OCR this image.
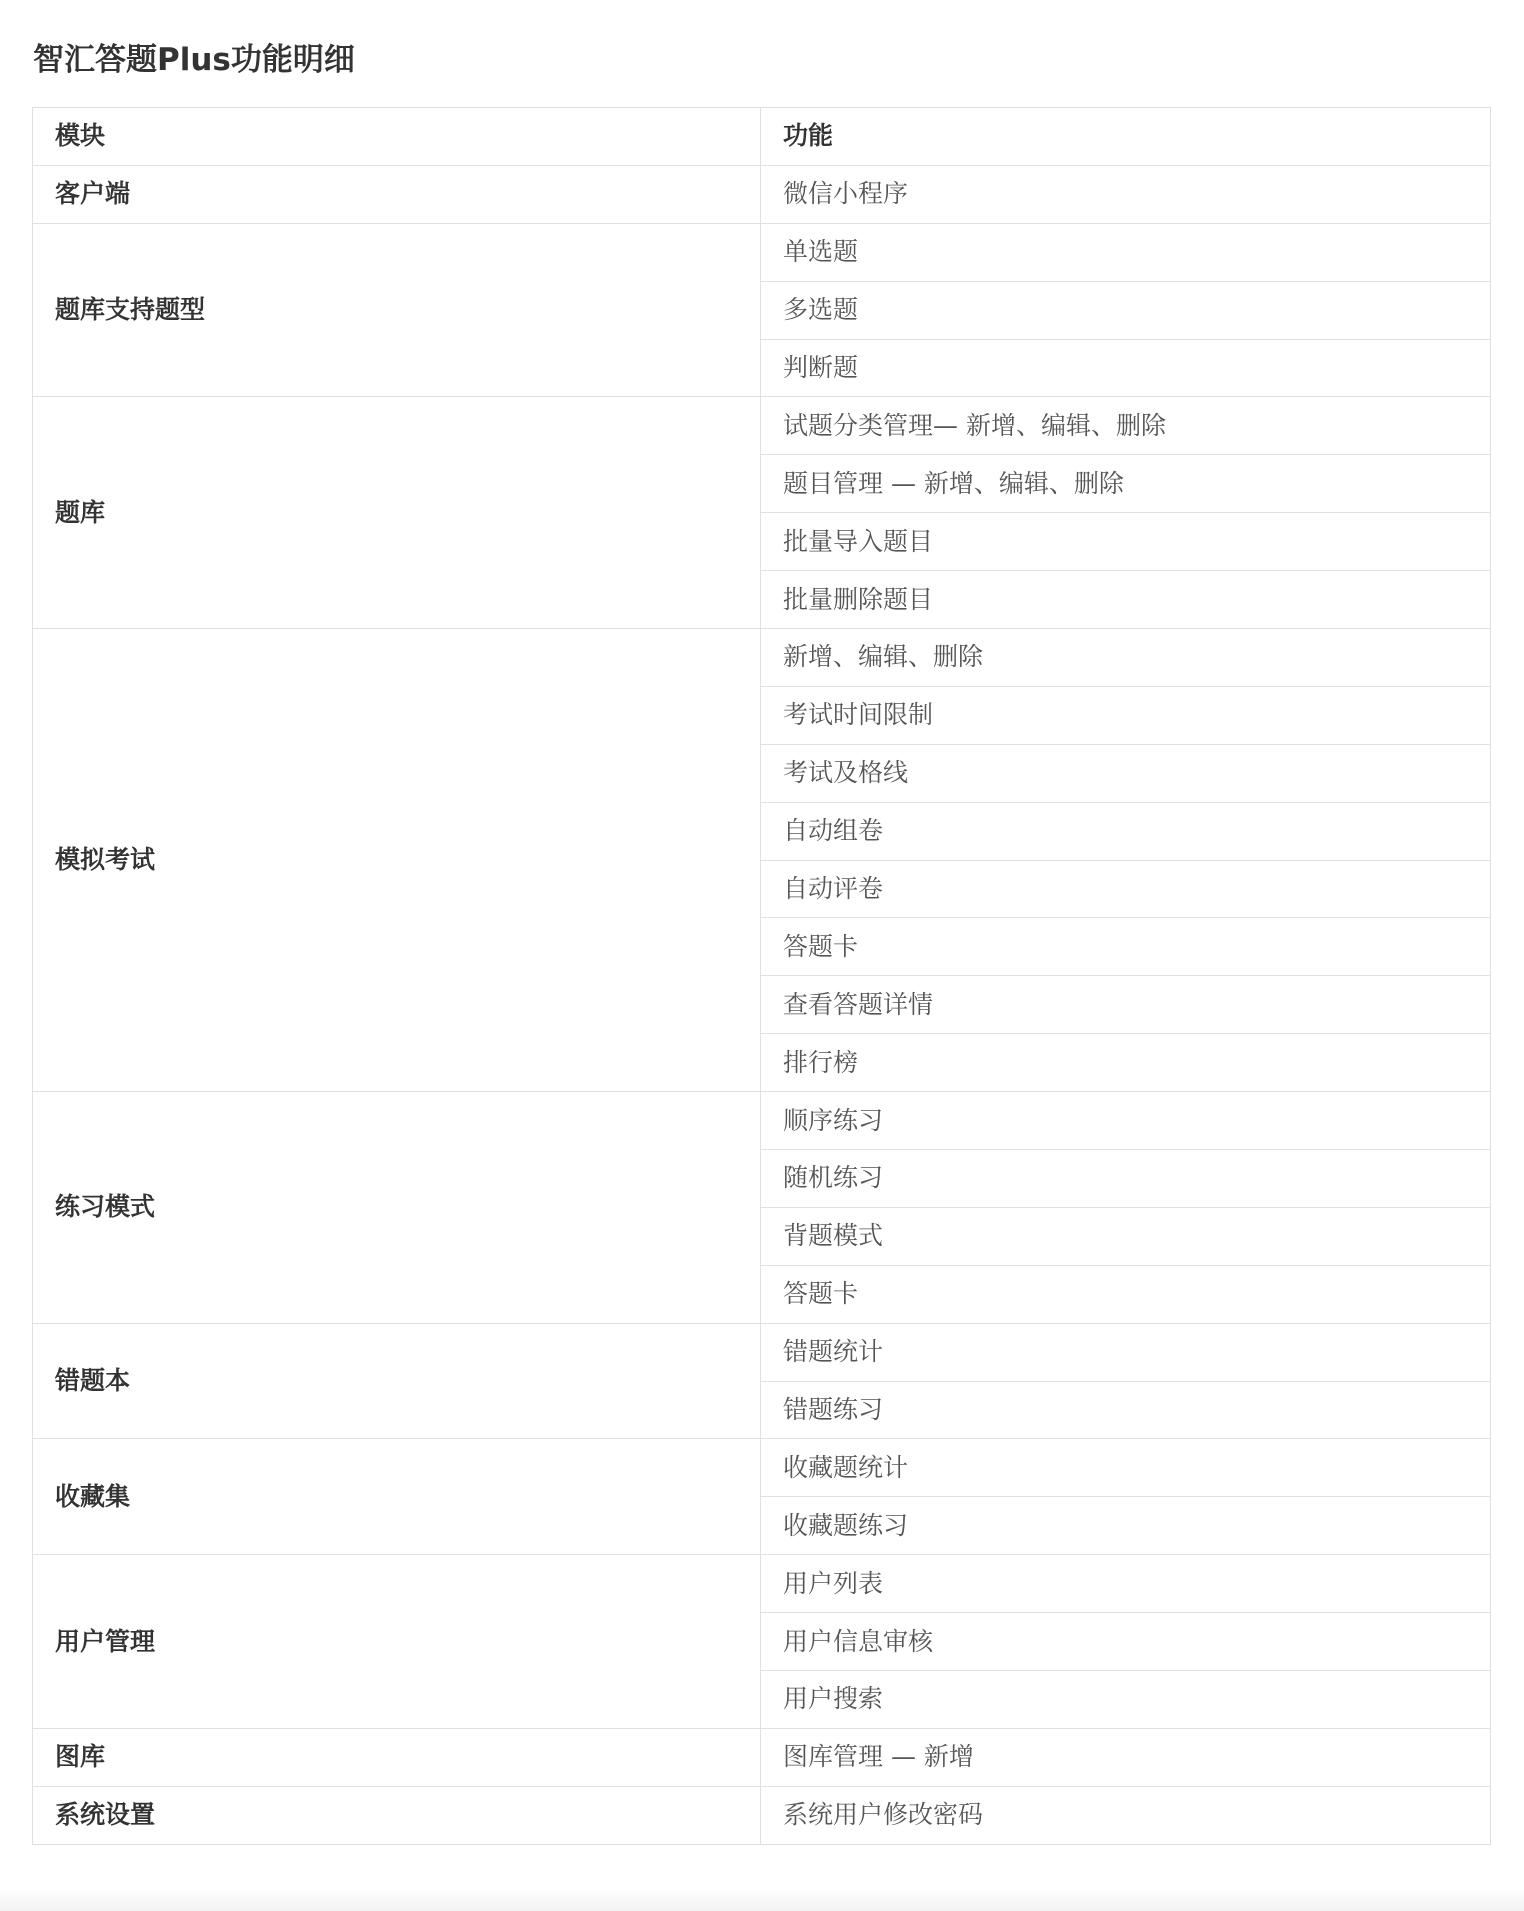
智汇答题Plus功能明细
模块	功能
客户端	微信小程序
题库支持题型	单选题
	多选题
	判断题
题库	试题分类管理— 新增、编辑、删除
	题目管理 — 新增、编辑、删除
	批量导入题目
	批量删除题目
模拟考试	新增、编辑、删除
	考试时间限制
	考试及格线
	自动组卷
	自动评卷
	答题卡
	查看答题详情
	排行榜
练习模式	顺序练习
	随机练习
	背题模式
	答题卡
错题本	错题统计
	错题练习
收藏集	收藏题统计
	收藏题练习
用户管理	用户列表
	用户信息审核
	用户搜索
图库	图库管理 — 新增
系统设置	系统用户修改密码
